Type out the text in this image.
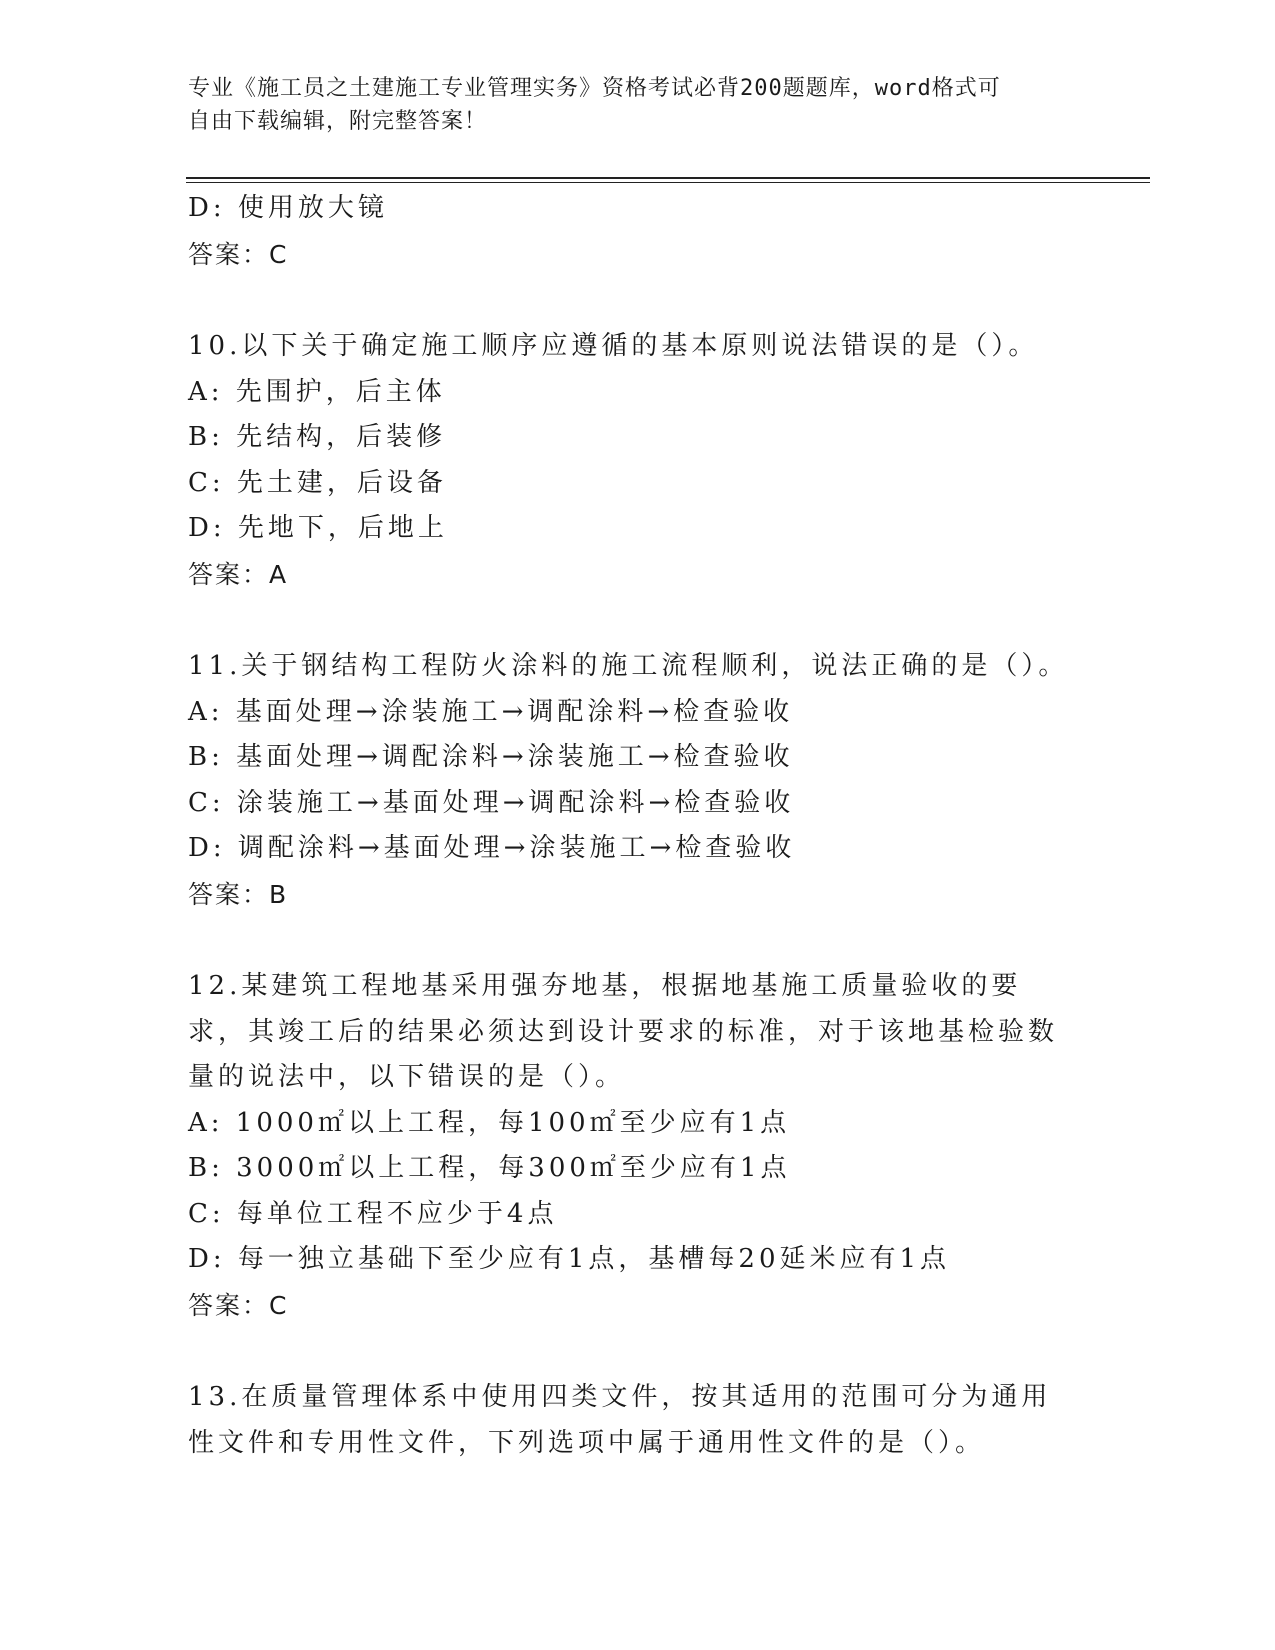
专业《施工员之土建施工专业管理实务》资格考试必背200题题库，word格式可
自由下载编辑，附完整答案！
D: 使用放大镜
答案：C
10.以下关于确定施工顺序应遵循的基本原则说法错误的是（）。
A: 先围护，后主体
B: 先结构，后装修
C: 先土建，后设备
D: 先地下，后地上
答案：A
11.关于钢结构工程防火涂料的施工流程顺利，说法正确的是（）。
A: 基面处理→涂装施工→调配涂料→检查验收
B: 基面处理→调配涂料→涂装施工→检查验收
C: 涂装施工→基面处理→调配涂料→检查验收
D: 调配涂料→基面处理→涂装施工→检查验收
答案：B
12.某建筑工程地基采用强夯地基，根据地基施工质量验收的要求，其竣工后的结果必须达到设计要求的标准，对于该地基检验数量的说法中，以下错误的是（）。
A: 1000㎡以上工程，每100㎡至少应有1点
B: 3000㎡以上工程，每300㎡至少应有1点
C: 每单位工程不应少于4点
D: 每一独立基础下至少应有1点，基槽每20延米应有1点
答案：C
13.在质量管理体系中使用四类文件，按其适用的范围可分为通用性文件和专用性文件，下列选项中属于通用性文件的是（）。
